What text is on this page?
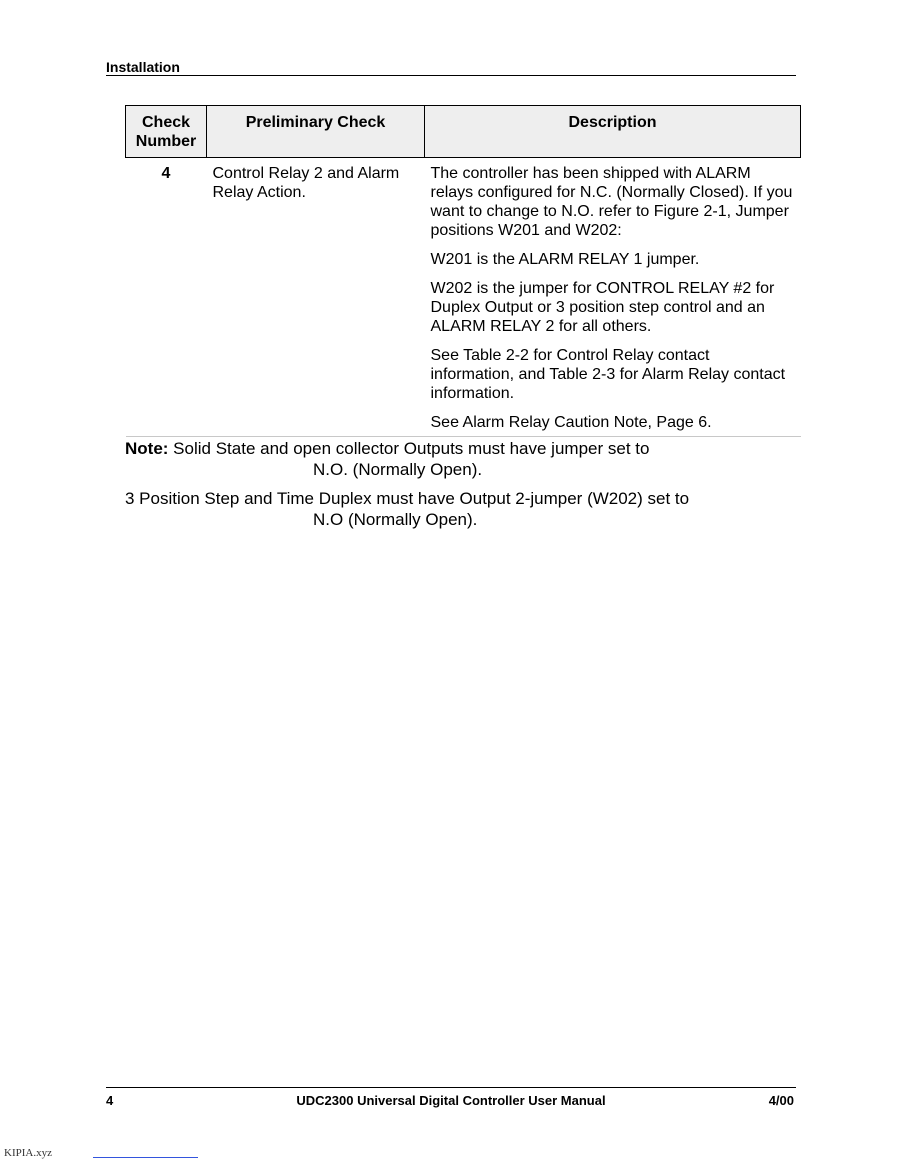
Installation
Check Number	Preliminary Check	Description
4	Control Relay 2 and Alarm Relay Action.	The controller has been shipped with ALARM relays configured for N.C. (Normally Closed). If you want to change to N.O. refer to Figure 2-1, Jumper positions W201 and W202:

W201 is the ALARM RELAY 1 jumper.

W202 is the jumper for CONTROL RELAY #2 for Duplex Output or 3 position step control and an ALARM RELAY 2 for all others.

See Table 2-2 for Control Relay contact information, and Table 2-3 for Alarm Relay contact information.

See Alarm Relay Caution Note, Page 6.

Note: Solid State and open collector Outputs must have jumper set to
N.O. (Normally Open).

3 Position Step and Time Duplex must have Output 2-jumper (W202) set to
N.O (Normally Open).

4	UDC2300 Universal Digital Controller User Manual	4/00
KIPIA.xyz
